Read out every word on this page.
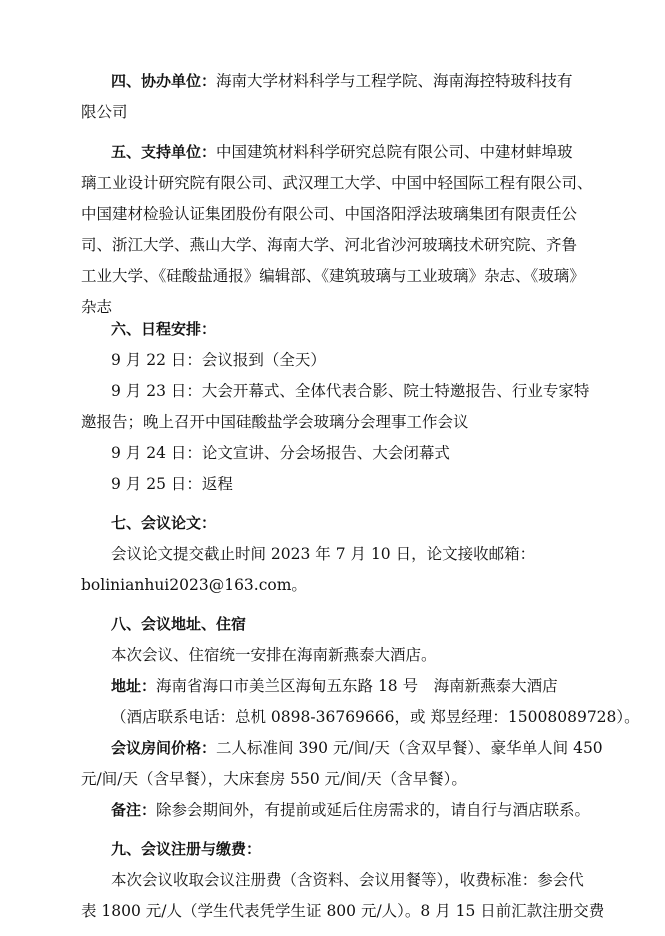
四、协办单位：海南大学材料科学与工程学院、海南海控特玻科技有
限公司
五、支持单位：中国建筑材料科学研究总院有限公司、中建材蚌埠玻
璃工业设计研究院有限公司、武汉理工大学、中国中轻国际工程有限公司、
中国建材检验认证集团股份有限公司、中国洛阳浮法玻璃集团有限责任公
司、浙江大学、燕山大学、海南大学、河北省沙河玻璃技术研究院、齐鲁
工业大学、《硅酸盐通报》编辑部、《建筑玻璃与工业玻璃》杂志、《玻璃》
杂志
六、日程安排：
9 月 22 日：会议报到（全天）
9 月 23 日：大会开幕式、全体代表合影、院士特邀报告、行业专家特
邀报告；晚上召开中国硅酸盐学会玻璃分会理事工作会议
9 月 24 日：论文宣讲、分会场报告、大会闭幕式
9 月 25 日：返程
七、会议论文：
会议论文提交截止时间 2023 年 7 月 10 日，论文接收邮箱：
bolinianhui2023@163.com。
八、会议地址、住宿
本次会议、住宿统一安排在海南新燕泰大酒店。
地址：海南省海口市美兰区海甸五东路 18 号　海南新燕泰大酒店
（酒店联系电话：总机 0898-36769666，或 郑昱经理：15008089728）。
会议房间价格：二人标准间 390 元/间/天（含双早餐）、豪华单人间 450
元/间/天（含早餐），大床套房 550 元/间/天（含早餐）。
备注：除参会期间外，有提前或延后住房需求的，请自行与酒店联系。
九、会议注册与缴费：
本次会议收取会议注册费（含资料、会议用餐等），收费标准：参会代
表 1800 元/人（学生代表凭学生证 800 元/人）。8 月 15 日前汇款注册交费
